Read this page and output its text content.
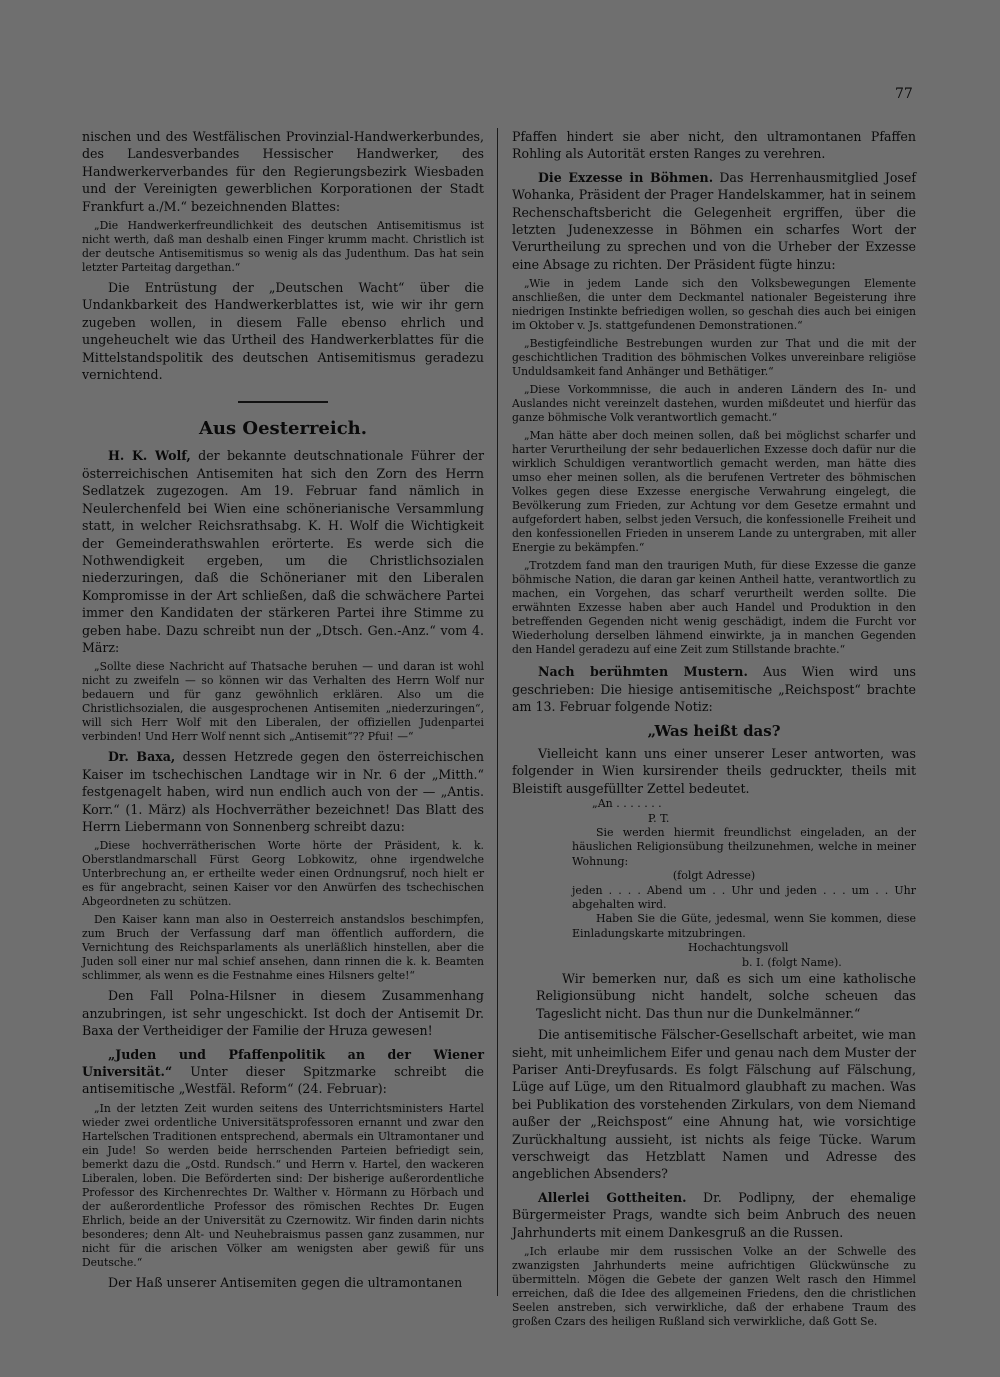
77

nischen und des Westfälischen Provinzial-Handwerkerbundes, des Landesverbandes Hessischer Handwerker, des Handwerkerverbandes für den Regierungsbezirk Wiesbaden und der Vereinigten gewerblichen Korporationen der Stadt Frankfurt a./M.“ bezeichnenden Blattes:

„Die Handwerkerfreundlichkeit des deutschen Antisemitismus ist nicht werth, daß man deshalb einen Finger krumm macht. Christlich ist der deutsche Antisemitismus so wenig als das Judenthum. Das hat sein letzter Parteitag dargethan.“

Die Entrüstung der „Deutschen Wacht“ über die Undankbarkeit des Handwerkerblattes ist, wie wir ihr gern zugeben wollen, in diesem Falle ebenso ehrlich und ungeheuchelt wie das Urtheil des Handwerkerblattes für die Mittelstandspolitik des deutschen Antisemitismus geradezu vernichtend.

Aus Oesterreich.

H. K. Wolf, der bekannte deutschnationale Führer der österreichischen Antisemiten hat sich den Zorn des Herrn Sedlatzek zugezogen. Am 19. Februar fand nämlich in Neulerchenfeld bei Wien eine schönerianische Versammlung statt, in welcher Reichsrathsabg. K. H. Wolf die Wichtigkeit der Gemeinderathswahlen erörterte. Es werde sich die Nothwendigkeit ergeben, um die Christlichsozialen niederzuringen, daß die Schönerianer mit den Liberalen Kompromisse in der Art schließen, daß die schwächere Partei immer den Kandidaten der stärkeren Partei ihre Stimme zu geben habe. Dazu schreibt nun der „Dtsch. Gen.-Anz.“ vom 4. März:

„Sollte diese Nachricht auf Thatsache beruhen — und daran ist wohl nicht zu zweifeln — so können wir das Verhalten des Herrn Wolf nur bedauern und für ganz gewöhnlich erklären. Also um die Christlichsozialen, die ausgesprochenen Antisemiten „niederzuringen“, will sich Herr Wolf mit den Liberalen, der offiziellen Judenpartei verbinden! Und Herr Wolf nennt sich „Antisemit“?? Pfui! —“

Dr. Baxa, dessen Hetzrede gegen den österreichischen Kaiser im tschechischen Landtage wir in Nr. 6 der „Mitth.“ festgenagelt haben, wird nun endlich auch von der — „Antis. Korr.“ (1. März) als Hochverräther bezeichnet! Das Blatt des Herrn Liebermann von Sonnenberg schreibt dazu:

„Diese hochverrätherischen Worte hörte der Präsident, k. k. Oberstlandmarschall Fürst Georg Lobkowitz, ohne irgendwelche Unterbrechung an, er ertheilte weder einen Ordnungsruf, noch hielt er es für angebracht, seinen Kaiser vor den Anwürfen des tschechischen Abgeordneten zu schützen.

Den Kaiser kann man also in Oesterreich anstandslos beschimpfen, zum Bruch der Verfassung darf man öffentlich auffordern, die Vernichtung des Reichsparlaments als unerläßlich hinstellen, aber die Juden soll einer nur mal schief ansehen, dann rinnen die k. k. Beamten schlimmer, als wenn es die Festnahme eines Hilsners gelte!“

Den Fall Polna-Hilsner in diesem Zusammenhang anzubringen, ist sehr ungeschickt. Ist doch der Antisemit Dr. Baxa der Vertheidiger der Familie der Hruza gewesen!

„Juden und Pfaffenpolitik an der Wiener Universität.“ Unter dieser Spitzmarke schreibt die antisemitische „Westfäl. Reform“ (24. Februar):

„In der letzten Zeit wurden seitens des Unterrichtsministers Hartel wieder zwei ordentliche Universitätsprofessoren ernannt und zwar den Harteľschen Traditionen entsprechend, abermals ein Ultramontaner und ein Jude! So werden beide herrschenden Parteien befriedigt sein, bemerkt dazu die „Ostd. Rundsch.“ und Herrn v. Hartel, den wackeren Liberalen, loben. Die Beförderten sind: Der bisherige außerordentliche Professor des Kirchenrechtes Dr. Walther v. Hörmann zu Hörbach und der außerordentliche Professor des römischen Rechtes Dr. Eugen Ehrlich, beide an der Universität zu Czernowitz. Wir finden darin nichts besonderes; denn Alt- und Neuhebraismus passen ganz zusammen, nur nicht für die arischen Völker am wenigsten aber gewiß für uns Deutsche.“

Der Haß unserer Antisemiten gegen die ultramontanen

Pfaffen hindert sie aber nicht, den ultramontanen Pfaffen Rohling als Autorität ersten Ranges zu verehren.

Die Exzesse in Böhmen. Das Herrenhausmitglied Josef Wohanka, Präsident der Prager Handelskammer, hat in seinem Rechenschaftsbericht die Gelegenheit ergriffen, über die letzten Judenexzesse in Böhmen ein scharfes Wort der Verurtheilung zu sprechen und von die Urheber der Exzesse eine Absage zu richten. Der Präsident fügte hinzu:

„Wie in jedem Lande sich den Volksbewegungen Elemente anschließen, die unter dem Deckmantel nationaler Begeisterung ihre niedrigen Instinkte befriedigen wollen, so geschah dies auch bei einigen im Oktober v. Js. stattgefundenen Demonstrationen.“

„Bestigfeindliche Bestrebungen wurden zur That und die mit der geschichtlichen Tradition des böhmischen Volkes unvereinbare religiöse Unduldsamkeit fand Anhänger und Bethätiger.“

„Diese Vorkommnisse, die auch in anderen Ländern des In- und Auslandes nicht vereinzelt dastehen, wurden mißdeutet und hierfür das ganze böhmische Volk verantwortlich gemacht.“

„Man hätte aber doch meinen sollen, daß bei möglichst scharfer und harter Verurtheilung der sehr bedauerlichen Exzesse doch dafür nur die wirklich Schuldigen verantwortlich gemacht werden, man hätte dies umso eher meinen sollen, als die berufenen Vertreter des böhmischen Volkes gegen diese Exzesse energische Verwahrung eingelegt, die Bevölkerung zum Frieden, zur Achtung vor dem Gesetze ermahnt und aufgefordert haben, selbst jeden Versuch, die konfessionelle Freiheit und den konfessionellen Frieden in unserem Lande zu untergraben, mit aller Energie zu bekämpfen.“

„Trotzdem fand man den traurigen Muth, für diese Exzesse die ganze böhmische Nation, die daran gar keinen Antheil hatte, verantwortlich zu machen, ein Vorgehen, das scharf verurtheilt werden sollte. Die erwähnten Exzesse haben aber auch Handel und Produktion in den betreffenden Gegenden nicht wenig geschädigt, indem die Furcht vor Wiederholung derselben lähmend einwirkte, ja in manchen Gegenden den Handel geradezu auf eine Zeit zum Stillstande brachte.“

Nach berühmten Mustern. Aus Wien wird uns geschrieben: Die hiesige antisemitische „Reichspost“ brachte am 13. Februar folgende Notiz:

„Was heißt das?

Vielleicht kann uns einer unserer Leser antworten, was folgender in Wien kursirender theils gedruckter, theils mit Bleistift ausgefüllter Zettel bedeutet.

„An . . . . . . .

P. T.

Sie werden hiermit freundlichst eingeladen, an der häuslichen Religionsübung theilzunehmen, welche in meiner Wohnung:

(folgt Adresse)

jeden . . . . Abend um . . Uhr und jeden . . . um . . Uhr abgehalten wird.

Haben Sie die Güte, jedesmal, wenn Sie kommen, diese Einladungskarte mitzubringen.

Hochachtungsvoll

b. I. (folgt Name).

Wir bemerken nur, daß es sich um eine katholische Religionsübung nicht handelt, solche scheuen das Tageslicht nicht. Das thun nur die Dunkelmänner.“

Die antisemitische Fälscher-Gesellschaft arbeitet, wie man sieht, mit unheimlichem Eifer und genau nach dem Muster der Pariser Anti-Dreyfusards. Es folgt Fälschung auf Fälschung, Lüge auf Lüge, um den Ritualmord glaubhaft zu machen. Was bei Publikation des vorstehenden Zirkulars, von dem Niemand außer der „Reichspost“ eine Ahnung hat, wie vorsichtige Zurückhaltung aussieht, ist nichts als feige Tücke. Warum verschweigt das Hetzblatt Namen und Adresse des angeblichen Absenders?

Allerlei Gottheiten. Dr. Podlipny, der ehemalige Bürgermeister Prags, wandte sich beim Anbruch des neuen Jahrhunderts mit einem Dankesgruß an die Russen.

„Ich erlaube mir dem russischen Volke an der Schwelle des zwanzigsten Jahrhunderts meine aufrichtigen Glückwünsche zu übermitteln. Mögen die Gebete der ganzen Welt rasch den Himmel erreichen, daß die Idee des allgemeinen Friedens, den die christlichen Seelen anstreben, sich verwirkliche, daß der erhabene Traum des großen Czars des heiligen Rußland sich verwirkliche, daß Gott Se.
